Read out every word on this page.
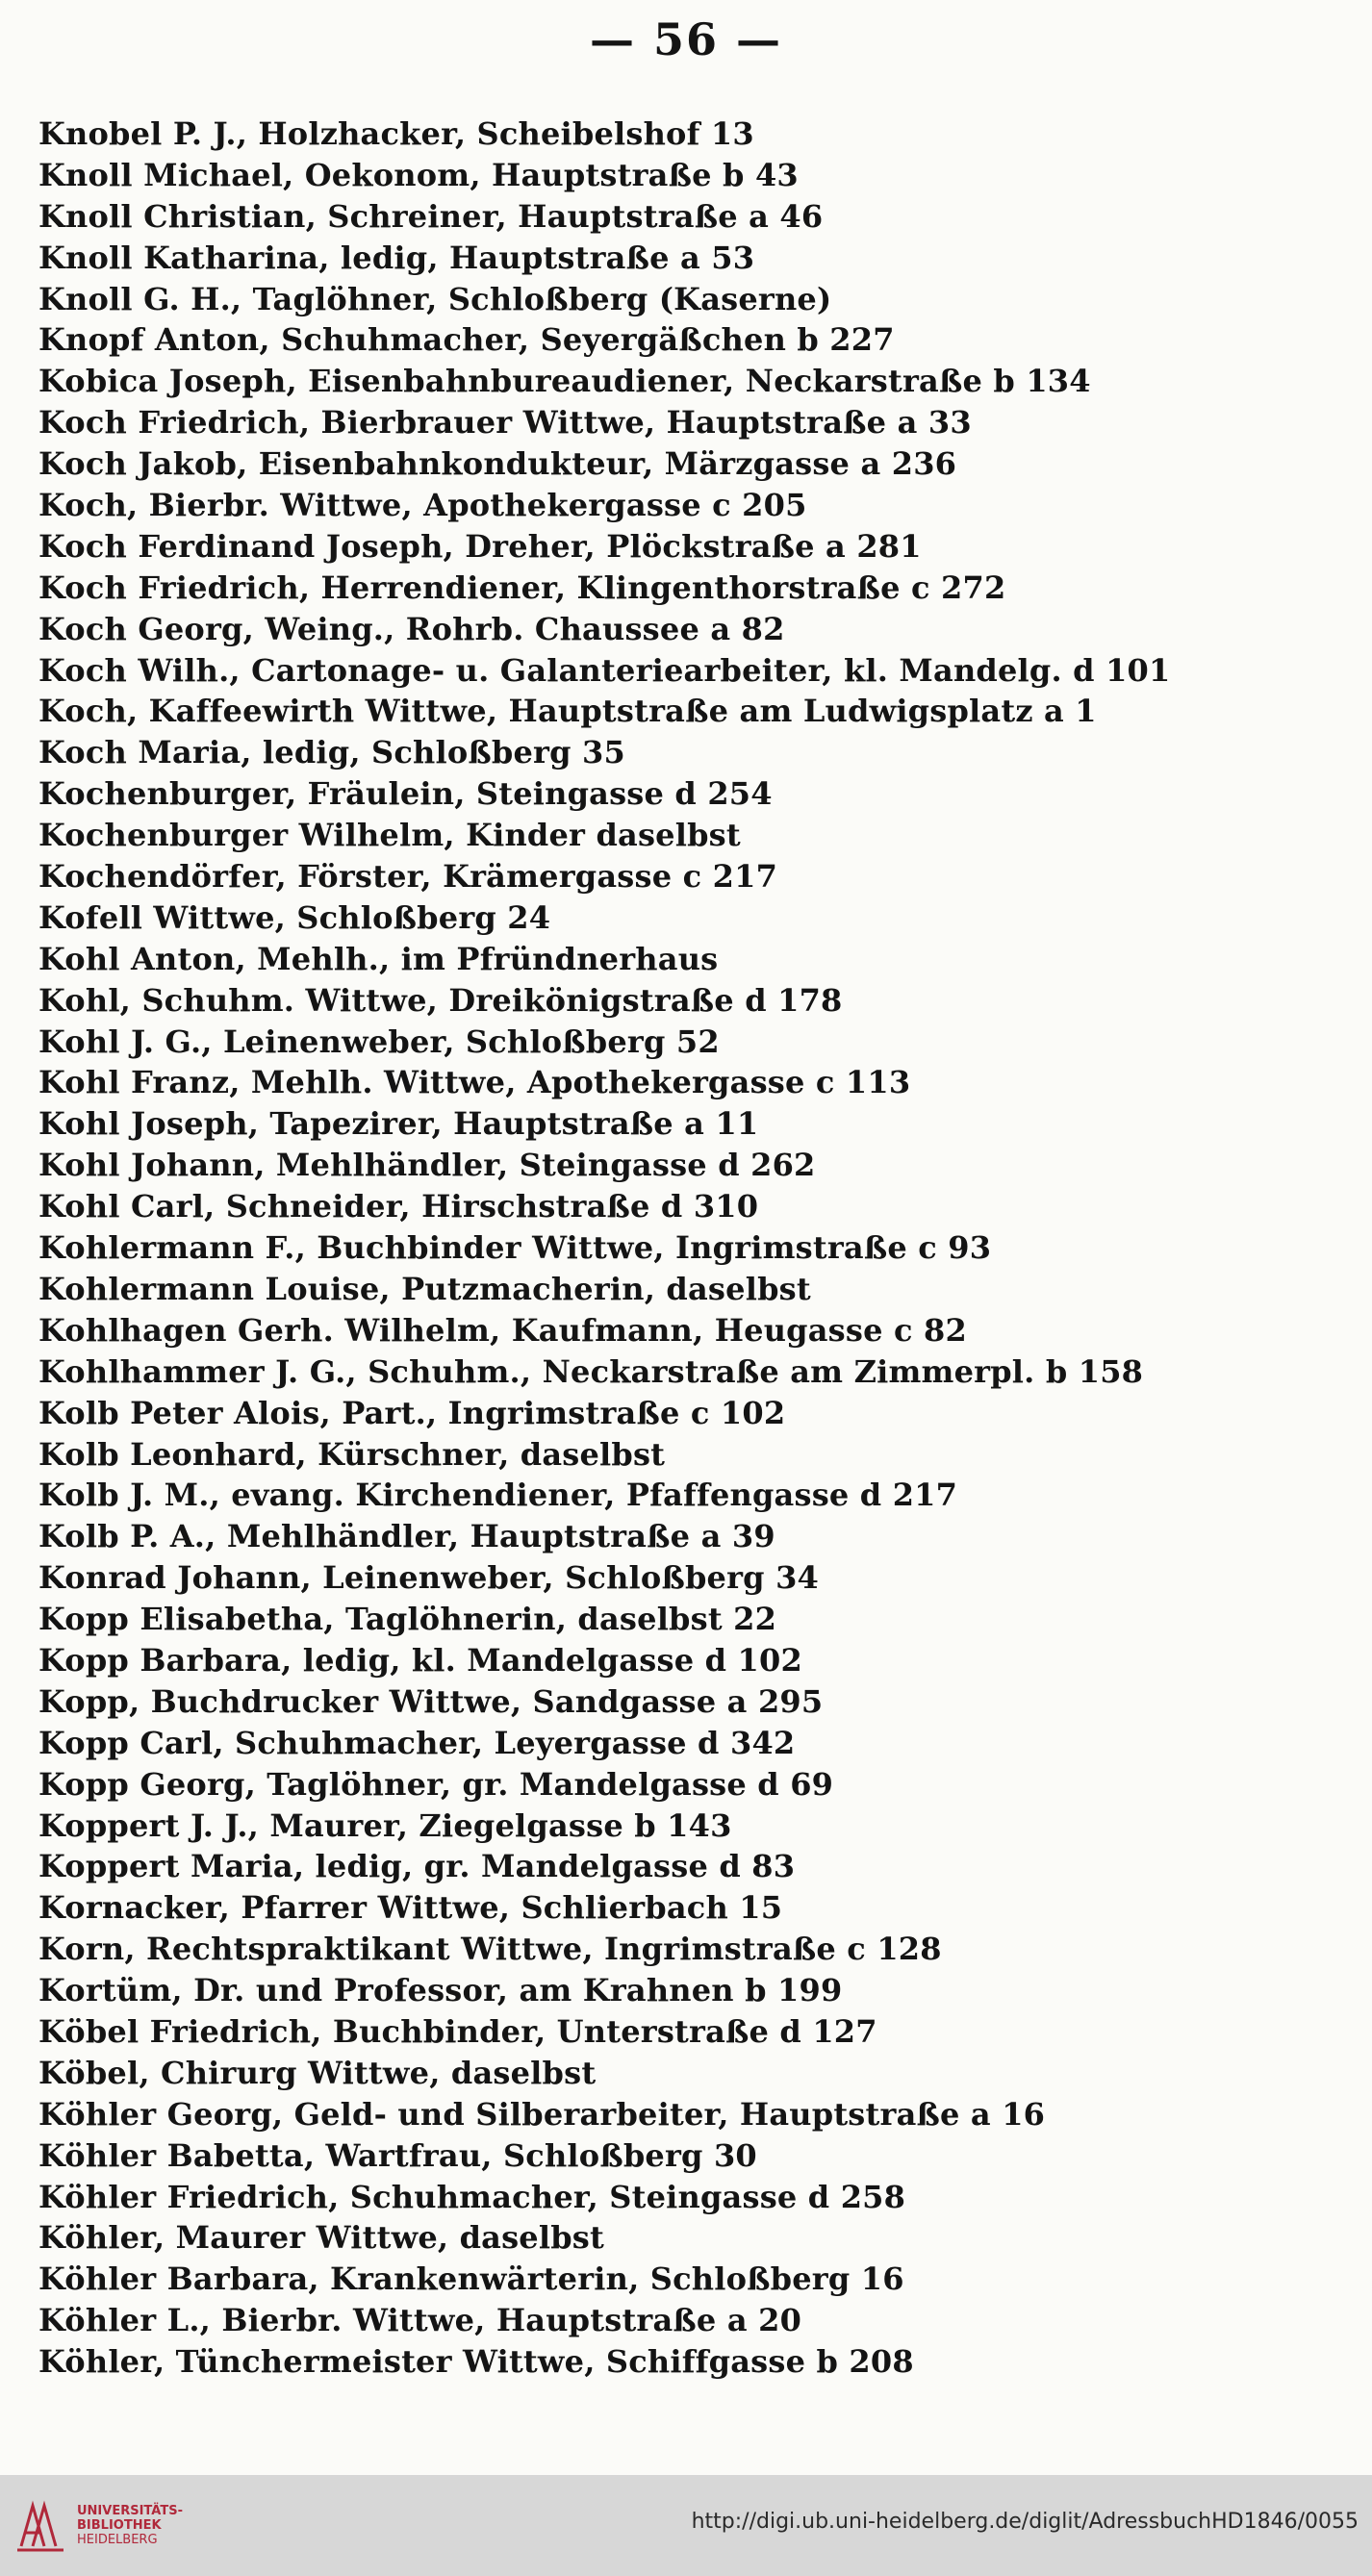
— 56 —
Knobel P. J., Holzhacker, Scheibelshof 13
Knoll Michael, Oekonom, Hauptstraße b 43
Knoll Christian, Schreiner, Hauptstraße a 46
Knoll Katharina, ledig, Hauptstraße a 53
Knoll G. H., Taglöhner, Schloßberg (Kaserne)
Knopf Anton, Schuhmacher, Seyergäßchen b 227
Kobica Joseph, Eisenbahnbureaudiener, Neckarstraße b 134
Koch Friedrich, Bierbrauer Wittwe, Hauptstraße a 33
Koch Jakob, Eisenbahnkondukteur, Märzgasse a 236
Koch, Bierbr. Wittwe, Apothekergasse c 205
Koch Ferdinand Joseph, Dreher, Plöckstraße a 281
Koch Friedrich, Herrendiener, Klingenthorstraße c 272
Koch Georg, Weing., Rohrb. Chaussee a 82
Koch Wilh., Cartonage- u. Galanteriearbeiter, kl. Mandelg. d 101
Koch, Kaffeewirth Wittwe, Hauptstraße am Ludwigsplatz a 1
Koch Maria, ledig, Schloßberg 35
Kochenburger, Fräulein, Steingasse d 254
Kochenburger Wilhelm, Kinder daselbst
Kochendörfer, Förster, Krämergasse c 217
Kofell Wittwe, Schloßberg 24
Kohl Anton, Mehlh., im Pfründnerhaus
Kohl, Schuhm. Wittwe, Dreikönigstraße d 178
Kohl J. G., Leinenweber, Schloßberg 52
Kohl Franz, Mehlh. Wittwe, Apothekergasse c 113
Kohl Joseph, Tapezirer, Hauptstraße a 11
Kohl Johann, Mehlhändler, Steingasse d 262
Kohl Carl, Schneider, Hirschstraße d 310
Kohlermann F., Buchbinder Wittwe, Ingrimstraße c 93
Kohlermann Louise, Putzmacherin, daselbst
Kohlhagen Gerh. Wilhelm, Kaufmann, Heugasse c 82
Kohlhammer J. G., Schuhm., Neckarstraße am Zimmerpl. b 158
Kolb Peter Alois, Part., Ingrimstraße c 102
Kolb Leonhard, Kürschner, daselbst
Kolb J. M., evang. Kirchendiener, Pfaffengasse d 217
Kolb P. A., Mehlhändler, Hauptstraße a 39
Konrad Johann, Leinenweber, Schloßberg 34
Kopp Elisabetha, Taglöhnerin, daselbst 22
Kopp Barbara, ledig, kl. Mandelgasse d 102
Kopp, Buchdrucker Wittwe, Sandgasse a 295
Kopp Carl, Schuhmacher, Leyergasse d 342
Kopp Georg, Taglöhner, gr. Mandelgasse d 69
Koppert J. J., Maurer, Ziegelgasse b 143
Koppert Maria, ledig, gr. Mandelgasse d 83
Kornacker, Pfarrer Wittwe, Schlierbach 15
Korn, Rechtspraktikant Wittwe, Ingrimstraße c 128
Kortüm, Dr. und Professor, am Krahnen b 199
Köbel Friedrich, Buchbinder, Unterstraße d 127
Köbel, Chirurg Wittwe, daselbst
Köhler Georg, Geld- und Silberarbeiter, Hauptstraße a 16
Köhler Babetta, Wartfrau, Schloßberg 30
Köhler Friedrich, Schuhmacher, Steingasse d 258
Köhler, Maurer Wittwe, daselbst
Köhler Barbara, Krankenwärterin, Schloßberg 16
Köhler L., Bierbr. Wittwe, Hauptstraße a 20
Köhler, Tünchermeister Wittwe, Schiffgasse b 208
UNIVERSITÄTS-
BIBLIOTHEK
HEIDELBERG
http://digi.ub.uni-heidelberg.de/diglit/AdressbuchHD1846/0055
